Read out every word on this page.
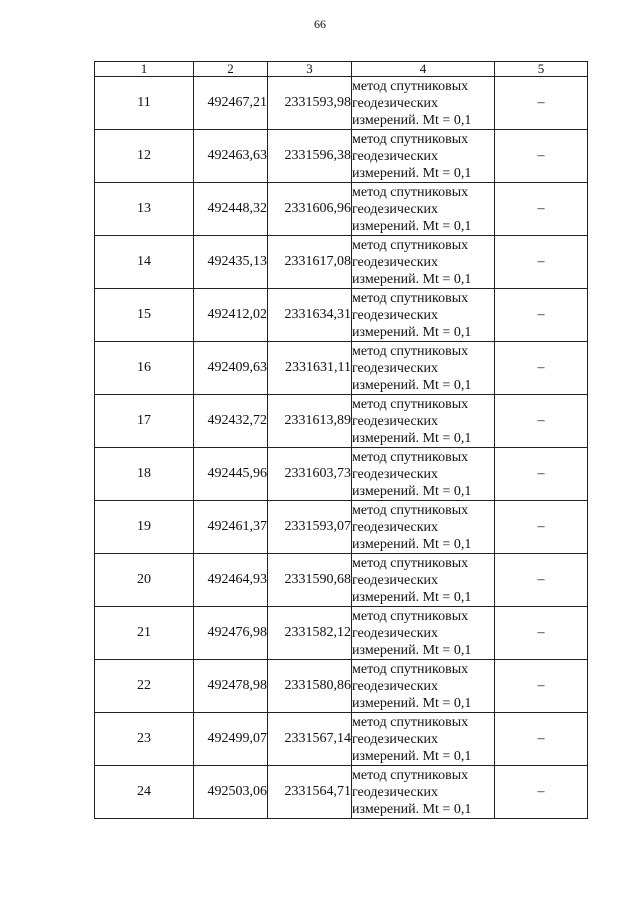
66
1	2	3	4	5
11	492467,21	2331593,98	метод спутниковых
геодезических
измерений. Mt = 0,1	–
12	492463,63	2331596,38	метод спутниковых
геодезических
измерений. Mt = 0,1	–
13	492448,32	2331606,96	метод спутниковых
геодезических
измерений. Mt = 0,1	–
14	492435,13	2331617,08	метод спутниковых
геодезических
измерений. Mt = 0,1	–
15	492412,02	2331634,31	метод спутниковых
геодезических
измерений. Mt = 0,1	–
16	492409,63	2331631,11	метод спутниковых
геодезических
измерений. Mt = 0,1	–
17	492432,72	2331613,89	метод спутниковых
геодезических
измерений. Mt = 0,1	–
18	492445,96	2331603,73	метод спутниковых
геодезических
измерений. Mt = 0,1	–
19	492461,37	2331593,07	метод спутниковых
геодезических
измерений. Mt = 0,1	–
20	492464,93	2331590,68	метод спутниковых
геодезических
измерений. Mt = 0,1	–
21	492476,98	2331582,12	метод спутниковых
геодезических
измерений. Mt = 0,1	–
22	492478,98	2331580,86	метод спутниковых
геодезических
измерений. Mt = 0,1	–
23	492499,07	2331567,14	метод спутниковых
геодезических
измерений. Mt = 0,1	–
24	492503,06	2331564,71	метод спутниковых
геодезических
измерений. Mt = 0,1	–
